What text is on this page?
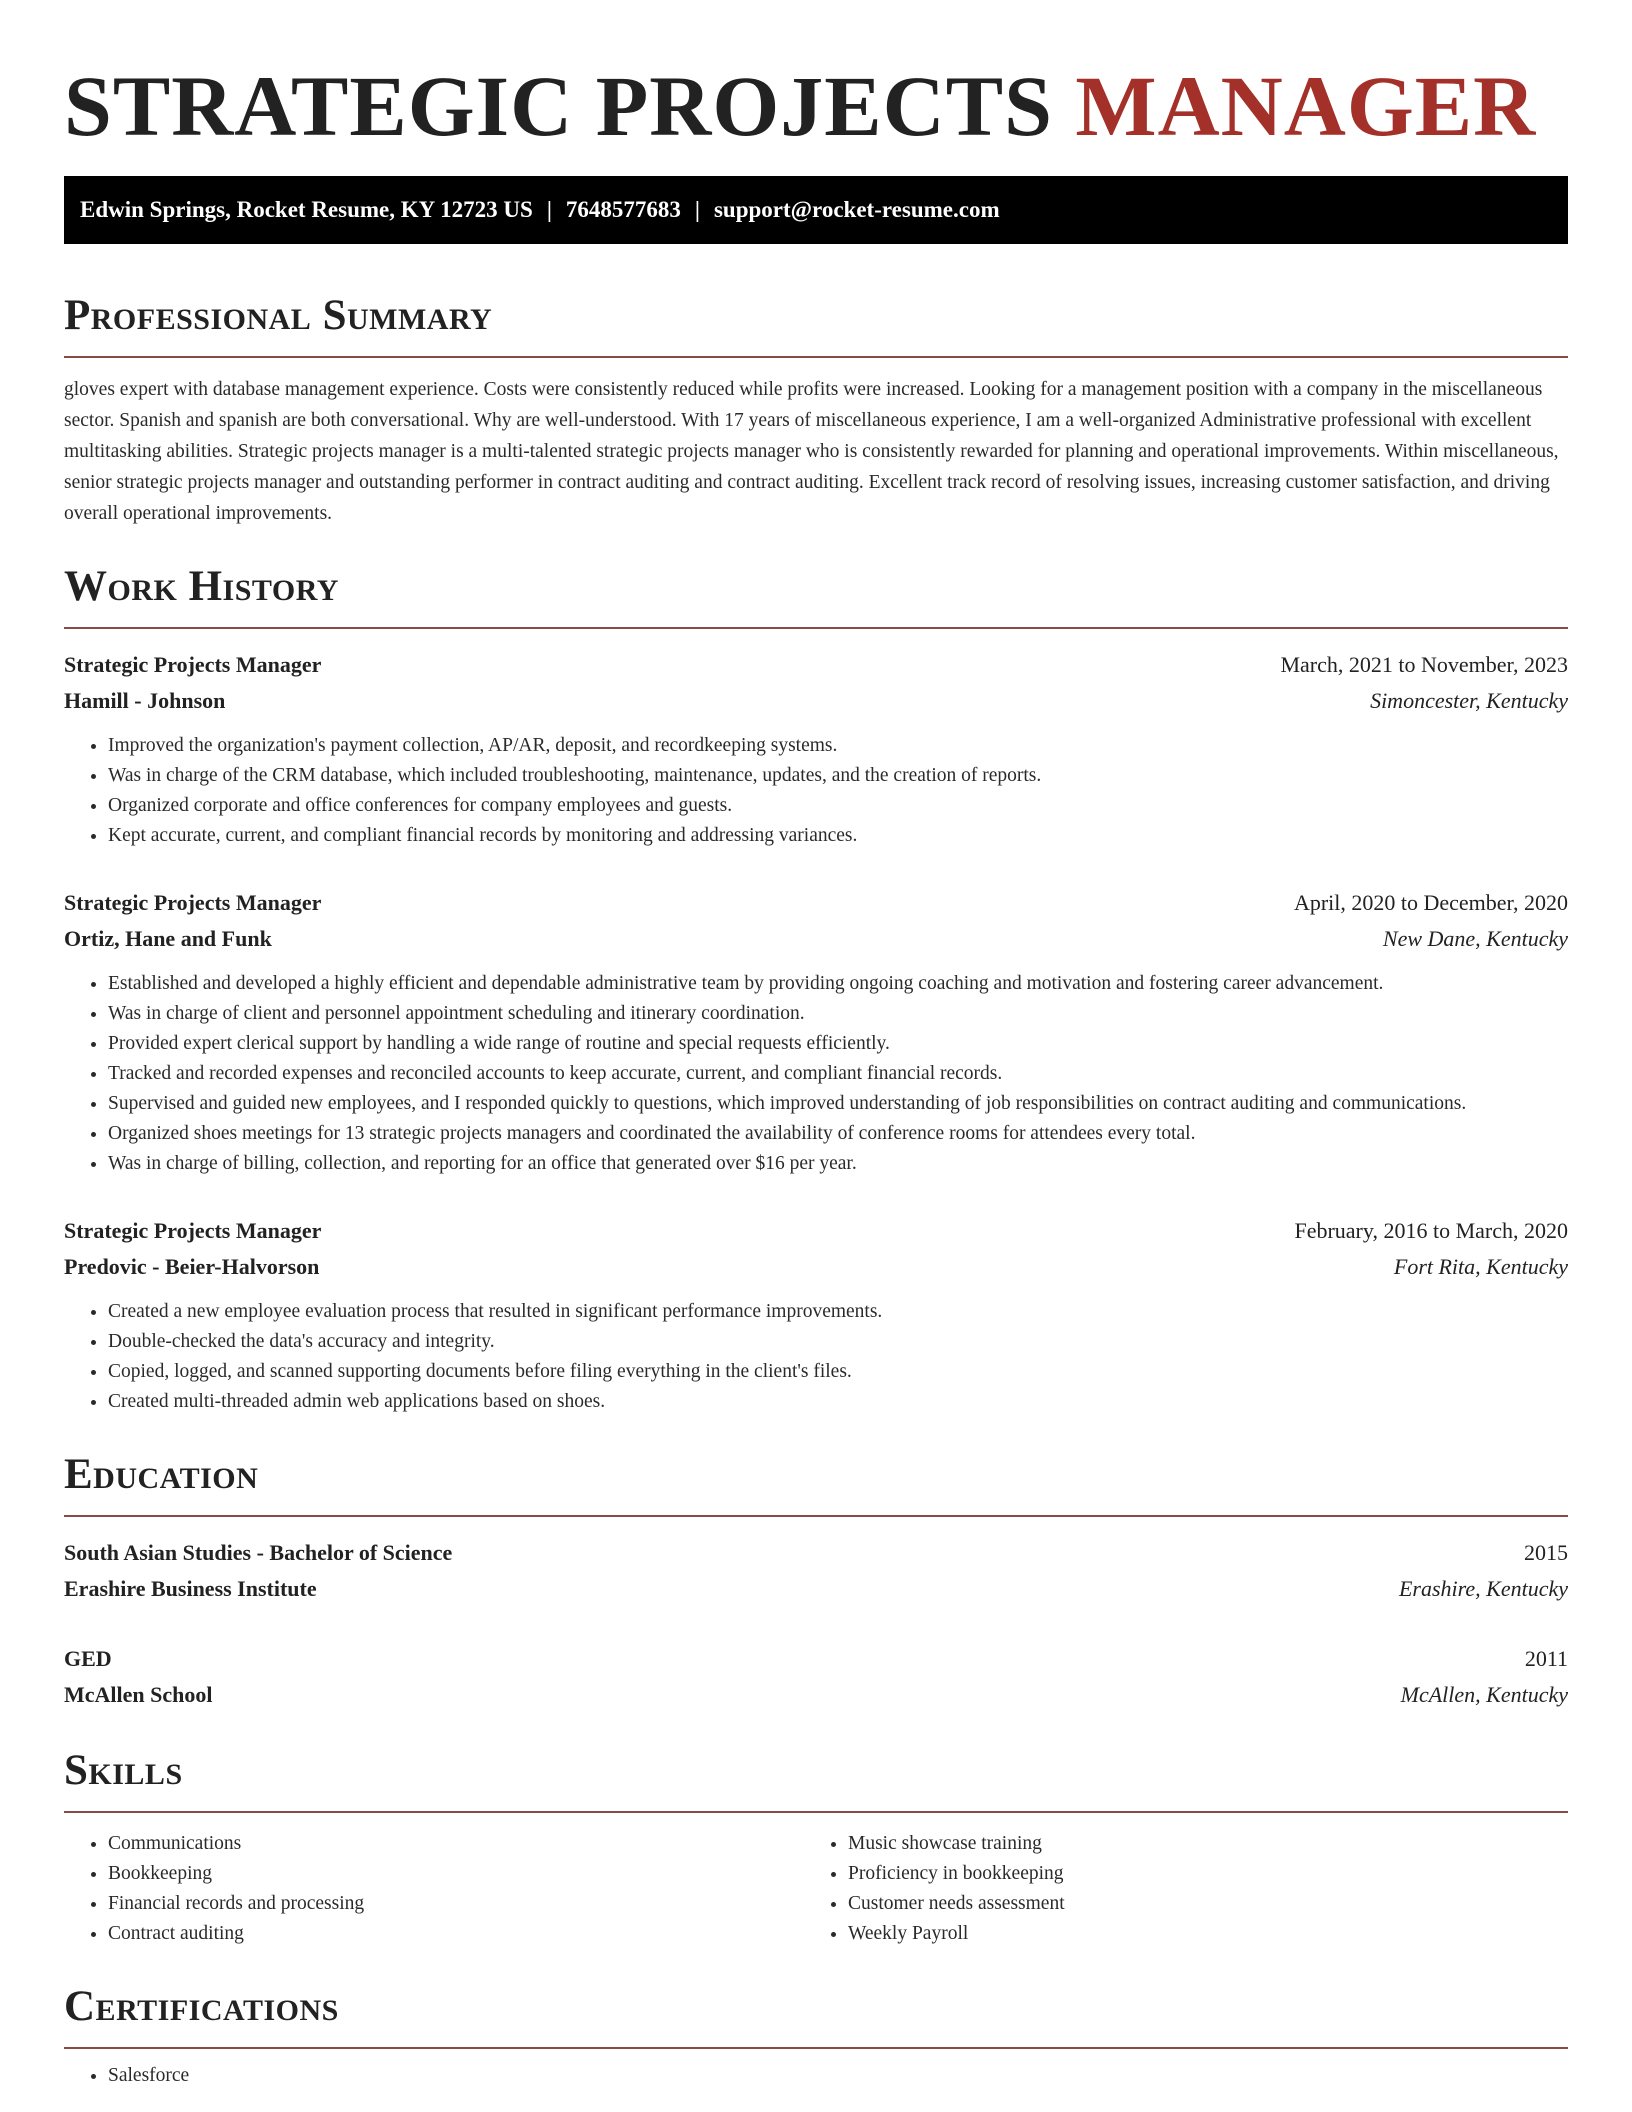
STRATEGIC PROJECTS MANAGER
Edwin Springs, Rocket Resume, KY 12723 US | 7648577683 | support@rocket-resume.com
Professional Summary

gloves expert with database management experience. Costs were consistently reduced while profits were increased. Looking for a management position with a company in the miscellaneous sector. Spanish and spanish are both conversational. Why are well-understood. With 17 years of miscellaneous experience, I am a well-organized Administrative professional with excellent multitasking abilities. Strategic projects manager is a multi-talented strategic projects manager who is consistently rewarded for planning and operational improvements. Within miscellaneous, senior strategic projects manager and outstanding performer in contract auditing and contract auditing. Excellent track record of resolving issues, increasing customer satisfaction, and driving overall operational improvements.

Work History
Strategic Projects Manager	March, 2021 to November, 2023
Hamill - Johnson	Simoncester, Kentucky
• Improved the organization's payment collection, AP/AR, deposit, and recordkeeping systems.
• Was in charge of the CRM database, which included troubleshooting, maintenance, updates, and the creation of reports.
• Organized corporate and office conferences for company employees and guests.
• Kept accurate, current, and compliant financial records by monitoring and addressing variances.
Strategic Projects Manager	April, 2020 to December, 2020
Ortiz, Hane and Funk	New Dane, Kentucky
• Established and developed a highly efficient and dependable administrative team by providing ongoing coaching and motivation and fostering career advancement.
• Was in charge of client and personnel appointment scheduling and itinerary coordination.
• Provided expert clerical support by handling a wide range of routine and special requests efficiently.
• Tracked and recorded expenses and reconciled accounts to keep accurate, current, and compliant financial records.
• Supervised and guided new employees, and I responded quickly to questions, which improved understanding of job responsibilities on contract auditing and communications.
• Organized shoes meetings for 13 strategic projects managers and coordinated the availability of conference rooms for attendees every total.
• Was in charge of billing, collection, and reporting for an office that generated over $16 per year.
Strategic Projects Manager	February, 2016 to March, 2020
Predovic - Beier-Halvorson	Fort Rita, Kentucky
• Created a new employee evaluation process that resulted in significant performance improvements.
• Double-checked the data's accuracy and integrity.
• Copied, logged, and scanned supporting documents before filing everything in the client's files.
• Created multi-threaded admin web applications based on shoes.
Education
South Asian Studies - Bachelor of Science	2015
Erashire Business Institute	Erashire, Kentucky
GED	2011
McAllen School	McAllen, Kentucky
Skills
• Communications
• Bookkeeping
• Financial records and processing
• Contract auditing
• Music showcase training
• Proficiency in bookkeeping
• Customer needs assessment
• Weekly Payroll
Certifications
• Salesforce
